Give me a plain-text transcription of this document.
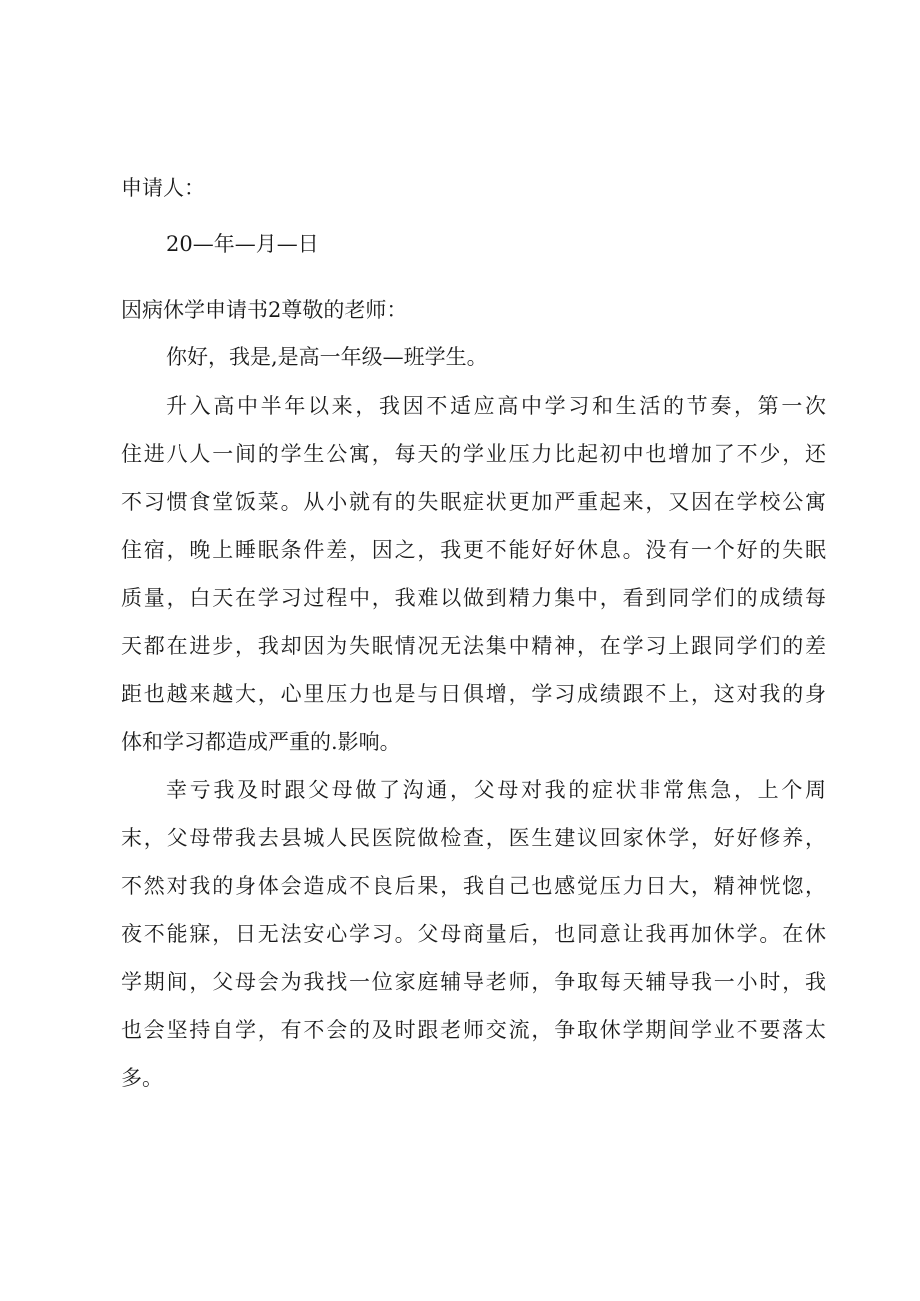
申请人：
20—年—月—日
因病休学申请书2尊敬的老师：
你好，我是,是高一年级—班学生。
升入高中半年以来，我因不适应高中学习和生活的节奏，第一次
住进八人一间的学生公寓，每天的学业压力比起初中也增加了不少，还
不习惯食堂饭菜。从小就有的失眠症状更加严重起来，又因在学校公寓
住宿，晚上睡眠条件差，因之，我更不能好好休息。没有一个好的失眠
质量，白天在学习过程中，我难以做到精力集中，看到同学们的成绩每
天都在进步，我却因为失眠情况无法集中精神，在学习上跟同学们的差
距也越来越大，心里压力也是与日俱增，学习成绩跟不上，这对我的身
体和学习都造成严重的.影响。
幸亏我及时跟父母做了沟通，父母对我的症状非常焦急，上个周
末，父母带我去县城人民医院做检查，医生建议回家休学，好好修养，
不然对我的身体会造成不良后果，我自己也感觉压力日大，精神恍惚，
夜不能寐，日无法安心学习。父母商量后，也同意让我再加休学。在休
学期间，父母会为我找一位家庭辅导老师，争取每天辅导我一小时，我
也会坚持自学，有不会的及时跟老师交流，争取休学期间学业不要落太
多。
